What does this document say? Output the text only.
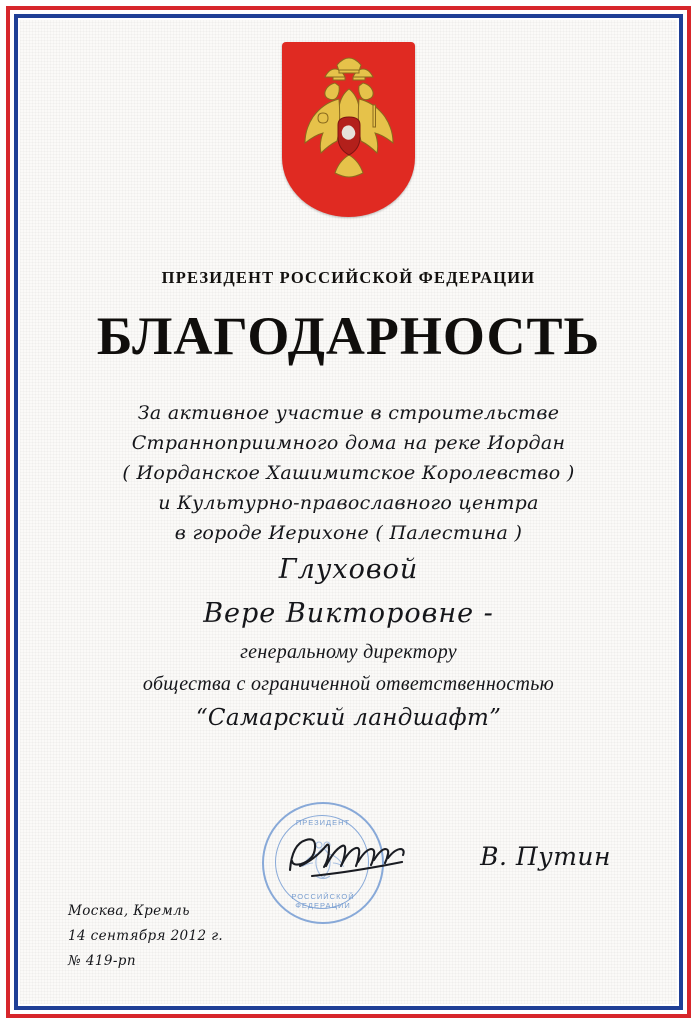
ПРЕЗИДЕНТ РОССИЙСКОЙ ФЕДЕРАЦИИ
БЛАГОДАРНОСТЬ
За активное участие в строительстве
Странноприимного дома на реке Иордан
( Иорданское Хашимитское Королевство )
и Культурно-православного центра
в городе Иерихоне ( Палестина )
Глуховой
Вере Викторовне -
генеральному директору
общества с ограниченной ответственностью
“Самарский ландшафт”
ПРЕЗИДЕНТ
РОССИЙСКОЙ ФЕДЕРАЦИИ
В. Путин
Москва, Кремль
14 сентября 2012 г.
№ 419-рп
